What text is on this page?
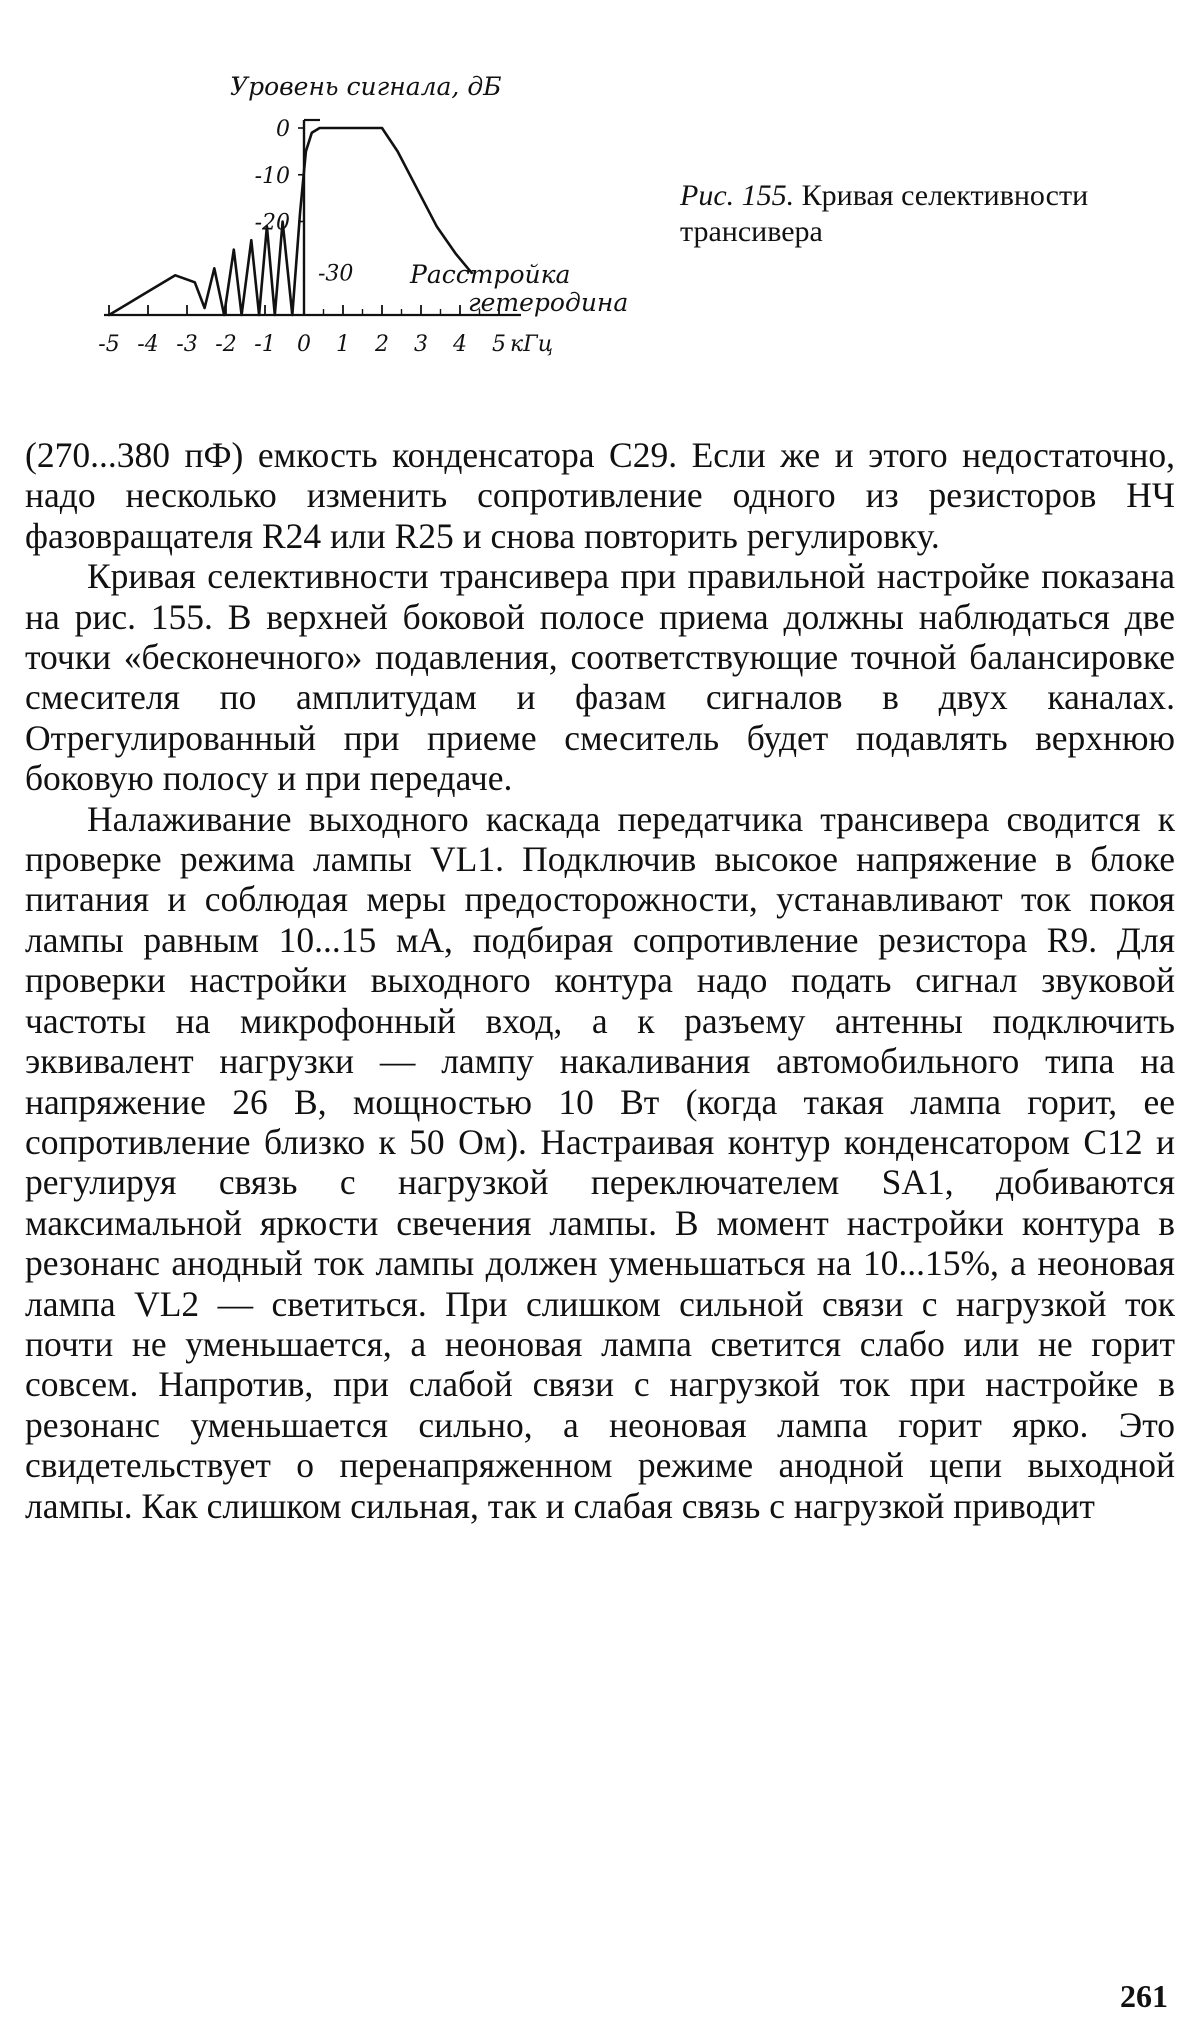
-5 -4 -3 -2 -1 0 1 2 3 4 5
0
-10
-20
-30
Уровень сигнала, дБ
Расстройка
гетеродина
кГц
Рис. 155. Кривая селективности трансивера

(270...380 пФ) емкость конденсатора С29. Если же и этого недостаточно, надо несколько изменить сопротивление одного из резисторов НЧ фазовращателя R24 или R25 и снова повторить регулировку.

Кривая селективности трансивера при правильной настройке показана на рис. 155. В верхней боковой полосе приема должны наблюдаться две точки «бесконечного» подавления, соответствующие точной балансировке смесителя по амплитудам и фазам сигналов в двух каналах. Отрегулированный при приеме смеситель будет подавлять верхнюю боковую полосу и при передаче.

Налаживание выходного каскада передатчика трансивера сводится к проверке режима лампы VL1. Подключив высокое напряжение в блоке питания и соблюдая меры предосторожности, устанавливают ток покоя лампы равным 10...15 мА, подбирая сопротивление резистора R9. Для проверки настройки выходного контура надо подать сигнал звуковой частоты на микрофонный вход, а к разъему антенны подключить эквивалент нагрузки — лампу накаливания автомобильного типа на напряжение 26 В, мощностью 10 Вт (когда такая лампа горит, ее сопротивление близко к 50 Ом). Настраивая контур конденсатором С12 и регулируя связь с нагрузкой переключателем SA1, добиваются максимальной яркости свечения лампы. В момент настройки контура в резонанс анодный ток лампы должен уменьшаться на 10...15%, а неоновая лампа VL2 — светиться. При слишком сильной связи с нагрузкой ток почти не уменьшается, а неоновая лампа светится слабо или не горит совсем. Напротив, при слабой связи с нагрузкой ток при настройке в резонанс уменьшается сильно, а неоновая лампа горит ярко. Это свидетельствует о перенапряженном режиме анодной цепи выходной лампы. Как слишком сильная, так и слабая связь с нагрузкой приводит

261
